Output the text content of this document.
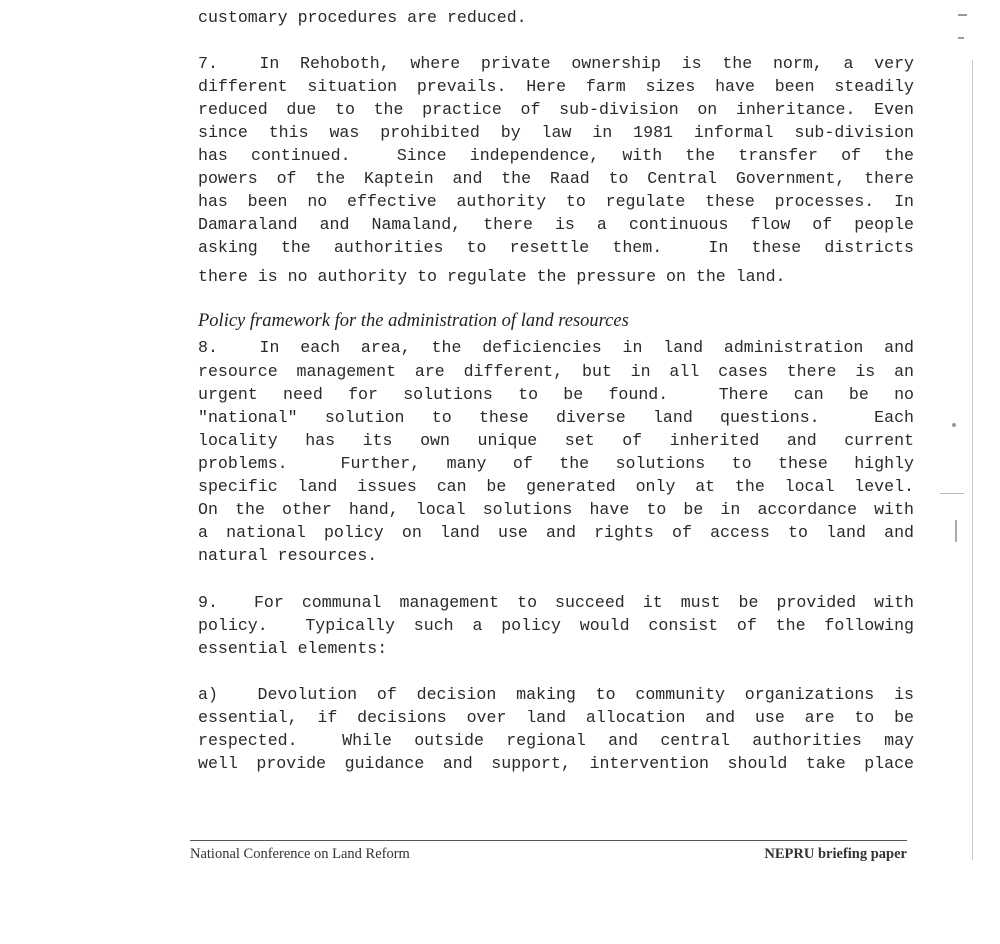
customary procedures are reduced.
7.  In Rehoboth, where private ownership is the norm, a very
different situation prevails. Here farm sizes have been steadily
reduced due to the practice of sub-division on inheritance. Even
since this was prohibited by law in 1981 informal sub-division
has continued.  Since independence, with the transfer of the
powers of the Kaptein and the Raad to Central Government, there
has been no effective authority to regulate these processes. In
Damaraland and Namaland, there is a continuous flow of people
asking the authorities to resettle them.  In these districts
there is no authority to regulate the pressure on the land.
Policy framework for the administration of land resources
8.  In each area, the deficiencies in land administration and
resource management are different, but in all cases there is an
urgent need for solutions to be found.  There can be no
"national" solution to these diverse land questions.  Each
locality has its own unique set of inherited and current
problems.  Further, many of the solutions to these highly
specific land issues can be generated only at the local level.
On the other hand, local solutions have to be in accordance with
a national policy on land use and rights of access to land and
natural resources.
9.  For communal management to succeed it must be provided with
policy.  Typically such a policy would consist of the following
essential elements:
a)  Devolution of decision making to community organizations is
essential, if decisions over land allocation and use are to be
respected.  While outside regional and central authorities may
well provide guidance and support, intervention should take place
National Conference on Land Reform	NEPRU briefing paper
